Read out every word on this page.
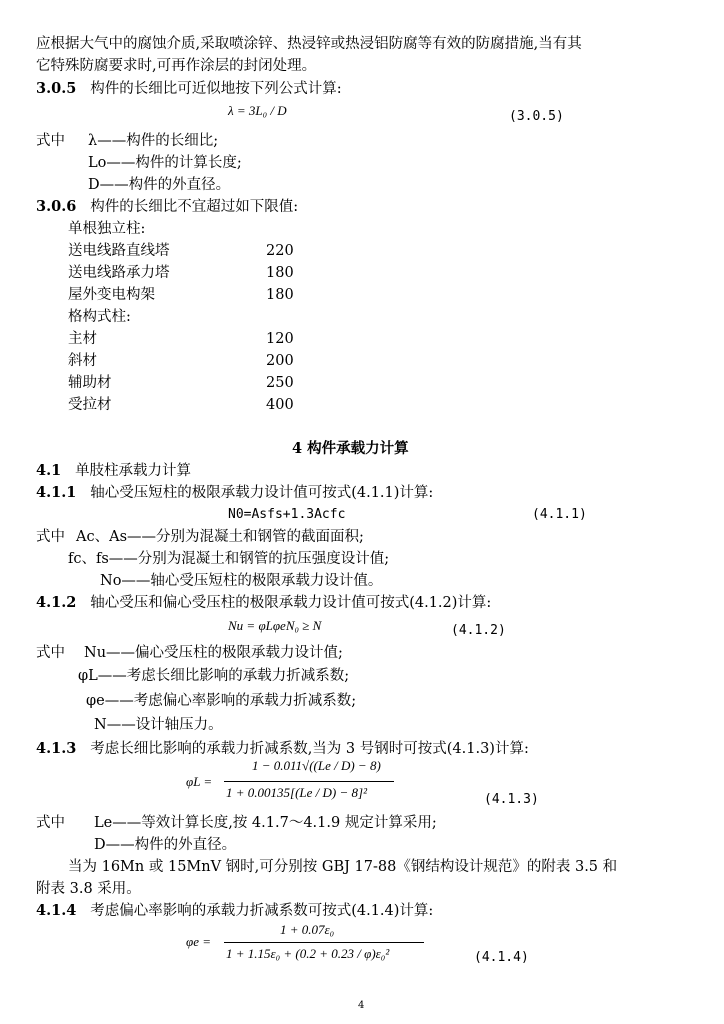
应根据大气中的腐蚀介质,采取喷涂锌、热浸锌或热浸铝防腐等有效的防腐措施,当有其
它特殊防腐要求时,可再作涂层的封闭处理。
3.0.5 构件的长细比可近似地按下列公式计算:
λ = 3L₀ / D	(3.0.5)
式中 λ——构件的长细比;
Lo——构件的计算长度;
D——构件的外直径。
3.0.6 构件的长细比不宜超过如下限值:
单根独立柱:
送电线路直线塔	220
送电线路承力塔	180
屋外变电构架	180
格构式柱:
主材	120
斜材	200
辅助材	250
受拉材	400
4 构件承载力计算
4.1 单肢柱承载力计算
4.1.1 轴心受压短柱的极限承载力设计值可按式(4.1.1)计算:
N0=Asfs+1.3Acfc	(4.1.1)
式中 Ac、As——分别为混凝土和钢管的截面面积;
fc、fs——分别为混凝土和钢管的抗压强度设计值;
No——轴心受压短柱的极限承载力设计值。
4.1.2 轴心受压和偏心受压柱的极限承载力设计值可按式(4.1.2)计算:
Nu = φLφeN₀ ≥ N	(4.1.2)
式中 Nu——偏心受压柱的极限承载力设计值;
φL——考虑长细比影响的承载力折减系数;
φe——考虑偏心率影响的承载力折减系数;
N——设计轴压力。
4.1.3 考虑长细比影响的承载力折减系数,当为 3 号钢时可按式(4.1.3)计算:
φL =
1 − 0.011√((Le / D) − 8)
1 + 0.00135[(Le / D) − 8]²	(4.1.3)
式中 Le——等效计算长度,按 4.1.7～4.1.9 规定计算采用;
D——构件的外直径。
当为 16Mn 或 15MnV 钢时,可分别按 GBJ 17-88《钢结构设计规范》的附表 3.5 和
附表 3.8 采用。
4.1.4 考虑偏心率影响的承载力折减系数可按式(4.1.4)计算:
φe =
1 + 0.07ε₀
1 + 1.15ε₀ + (0.2 + 0.23 / φ)ε₀²	(4.1.4)
4
